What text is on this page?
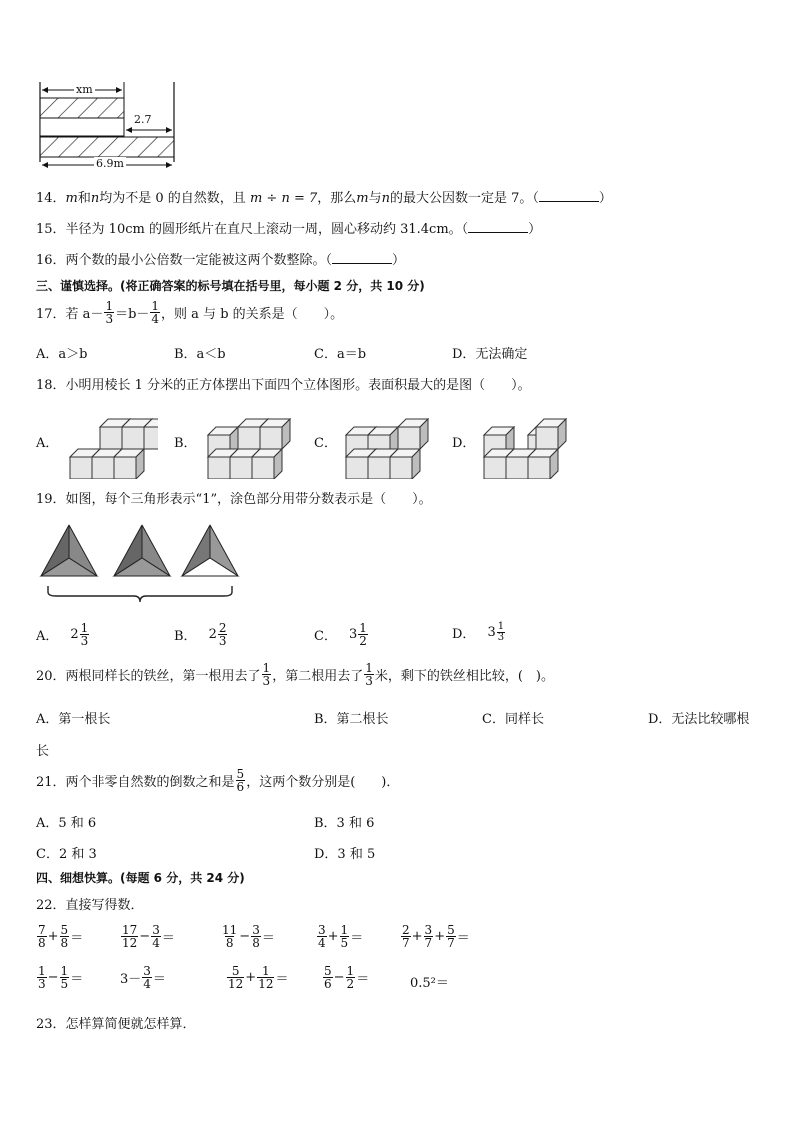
xm
2.7
6.9m
14．m和n均为不是 0 的自然数，且 m ÷ n = 7，那么m与n的最大公因数一定是 7。（	）
15．半径为 10cm 的圆形纸片在直尺上滚动一周，圆心移动约 31.4cm。（	）
16．两个数的最小公倍数一定能被这两个数整除。（	）
三、谨慎选择。(将正确答案的标号填在括号里，每小题 2 分，共 10 分)
17．若 $a- \frac{1}{3} =b- \frac{1}{4}$ ，则 a 与 b 的关系是（　　）。
A．a＞b	B．a＜b	C．a＝b	D．无法确定
18．小明用棱长 1 分米的正方体摆出下面四个立体图形。表面积最大的是图（　　）。
A．	B．	C．	D．
19．如图，每个三角形表示“1”，涂色部分用带分数表示是（　　）。
A． $2 \frac{1}{3}$	B． $2 \frac{2}{3}$	C． $3 \frac{1}{2}$	D． $3 \frac{1}{3}$
20．两根同样长的铁丝，第一根用去了 $\frac{1}{3}$ ，第二根用去了 $\frac{1}{3}$ 米，剩下的铁丝相比较，(　)。
A．第一根长	B．第二根长	C．同样长	D．无法比较哪根
长
21．两个非零自然数的倒数之和是 $\frac{5}{6}$ ，这两个数分别是(　　)．
A．5 和 6	B．3 和 6
C．2 和 3	D．3 和 5
四、细想快算。(每题 6 分，共 24 分)
22．直接写得数．
$\frac{7}{8} + \frac{5}{8}$ ＝	$\frac{17}{12} - \frac{3}{4}$ ＝	$\frac{11}{8} - \frac{3}{8}$ ＝	$\frac{3}{4} + \frac{1}{5}$ ＝	$\frac{2}{7} + \frac{3}{7} + \frac{5}{7}$ ＝
$\frac{1}{3} - \frac{1}{5}$ ＝	$3- \frac{3}{4}$ ＝	$\frac{5}{12} + \frac{1}{12}$ ＝	$\frac{5}{6} - \frac{1}{2}$ ＝	0.5²＝
23．怎样算简便就怎样算．
